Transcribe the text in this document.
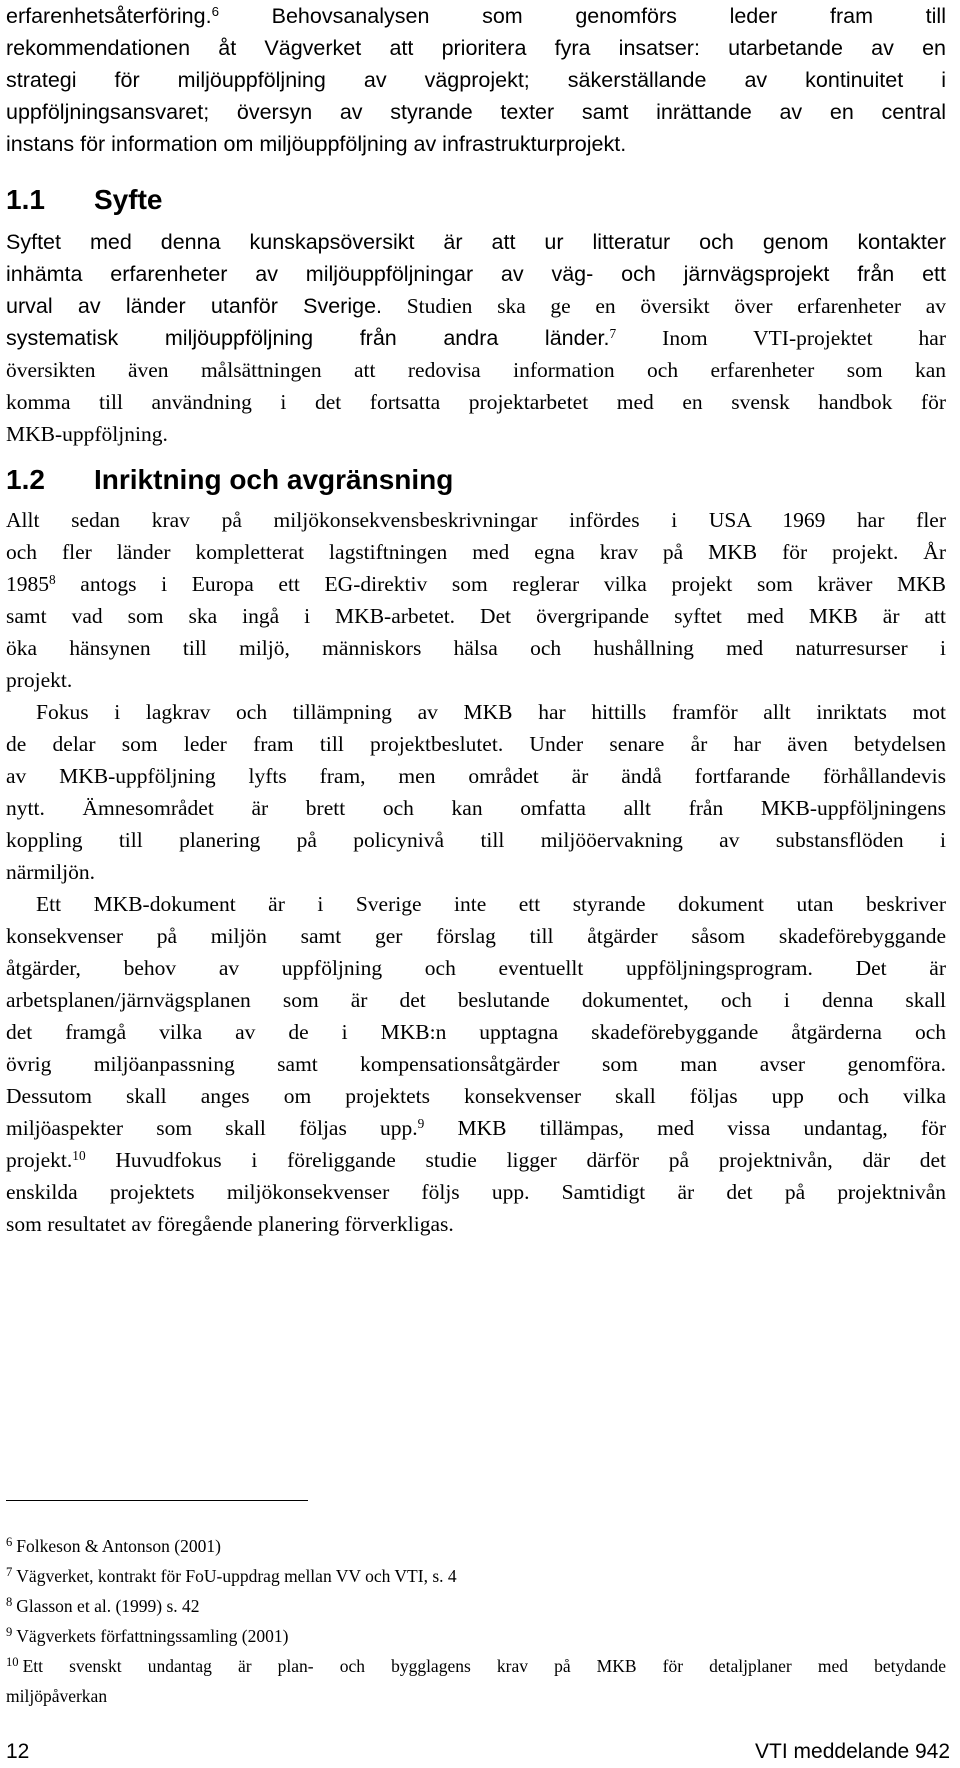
erfarenhetsåterföring.$^6$ Behovsanalysen som genomförs leder fram till
rekommendationen åt Vägverket att prioritera fyra insatser: utarbetande av en
strategi för miljöuppföljning av vägprojekt; säkerställande av kontinuitet i
uppföljningsansvaret; översyn av styrande texter samt inrättande av en central
instans för information om miljöuppföljning av infrastrukturprojekt.
1.1 Syfte
Syftet med denna kunskapsöversikt är att ur litteratur och genom kontakter
inhämta erfarenheter av miljöuppföljningar av väg- och järnvägsprojekt från ett
urval av länder utanför Sverige. Studien ska ge en översikt över erfarenheter av
systematisk miljöuppföljning från andra länder.$^7$ Inom VTI-projektet har
översikten även målsättningen att redovisa information och erfarenheter som kan
komma till användning i det fortsatta projektarbetet med en svensk handbok för
MKB-uppföljning.
1.2 Inriktning och avgränsning
Allt sedan krav på miljökonsekvensbeskrivningar infördes i USA 1969 har fler
och fler länder kompletterat lagstiftningen med egna krav på MKB för projekt. År
1985$^8$ antogs i Europa ett EG-direktiv som reglerar vilka projekt som kräver MKB
samt vad som ska ingå i MKB-arbetet. Det övergripande syftet med MKB är att
öka hänsynen till miljö, människors hälsa och hushållning med naturresurser i
projekt.
Fokus i lagkrav och tillämpning av MKB har hittills framför allt inriktats mot
de delar som leder fram till projektbeslutet. Under senare år har även betydelsen
av MKB-uppföljning lyfts fram, men området är ändå fortfarande förhållandevis
nytt. Ämnesområdet är brett och kan omfatta allt från MKB-uppföljningens
koppling till planering på policynivå till miljööervakning av substansflöden i
närmiljön.
Ett MKB-dokument är i Sverige inte ett styrande dokument utan beskriver
konsekvenser på miljön samt ger förslag till åtgärder såsom skadeförebyggande
åtgärder, behov av uppföljning och eventuellt uppföljningsprogram. Det är
arbetsplanen/järnvägsplanen som är det beslutande dokumentet, och i denna skall
det framgå vilka av de i MKB:n upptagna skadeförebyggande åtgärderna och
övrig miljöanpassning samt kompensationsåtgärder som man avser genomföra.
Dessutom skall anges om projektets konsekvenser skall följas upp och vilka
miljöaspekter som skall följas upp.$^9$ MKB tillämpas, med vissa undantag, för
projekt.$^{10}$ Huvudfokus i föreliggande studie ligger därför på projektnivån, där det
enskilda projektets miljökonsekvenser följs upp. Samtidigt är det på projektnivån
som resultatet av föregående planering förverkligas.
$^6$ Folkeson & Antonson (2001)
$^7$ Vägverket, kontrakt för FoU-uppdrag mellan VV och VTI, s. 4
$^8$ Glasson et al. (1999) s. 42
$^9$ Vägverkets författningssamling (2001)
$^{10}$ Ett svenskt undantag är plan- och bygglagens krav på MKB för detaljplaner med betydande
miljöpåverkan
12	VTI meddelande 942
